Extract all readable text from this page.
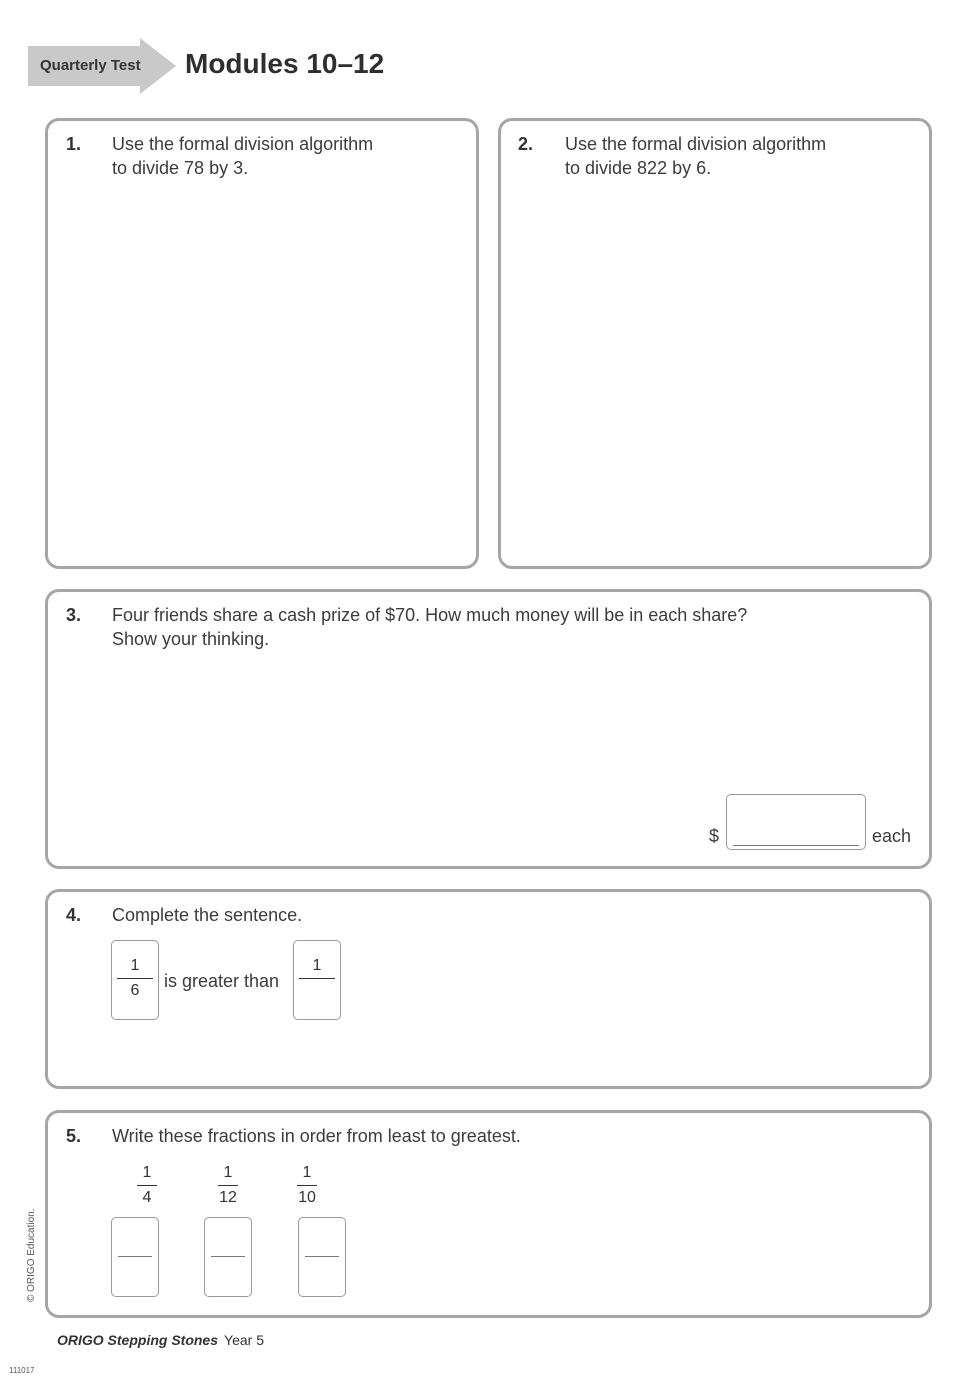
Quarterly Test Modules 10–12
1. Use the formal division algorithm
to divide 78 by 3.
2. Use the formal division algorithm
to divide 822 by 6.
3. Four friends share a cash prize of $70. How much money will be in each share?
Show your thinking.
$	each
4. Complete the sentence.
1
6	is greater than
1
5. Write these fractions in order from least to greatest.
1
4
1
12
1
10
© ORIGO Education.
ORIGO Stepping Stones Year 5
111017
